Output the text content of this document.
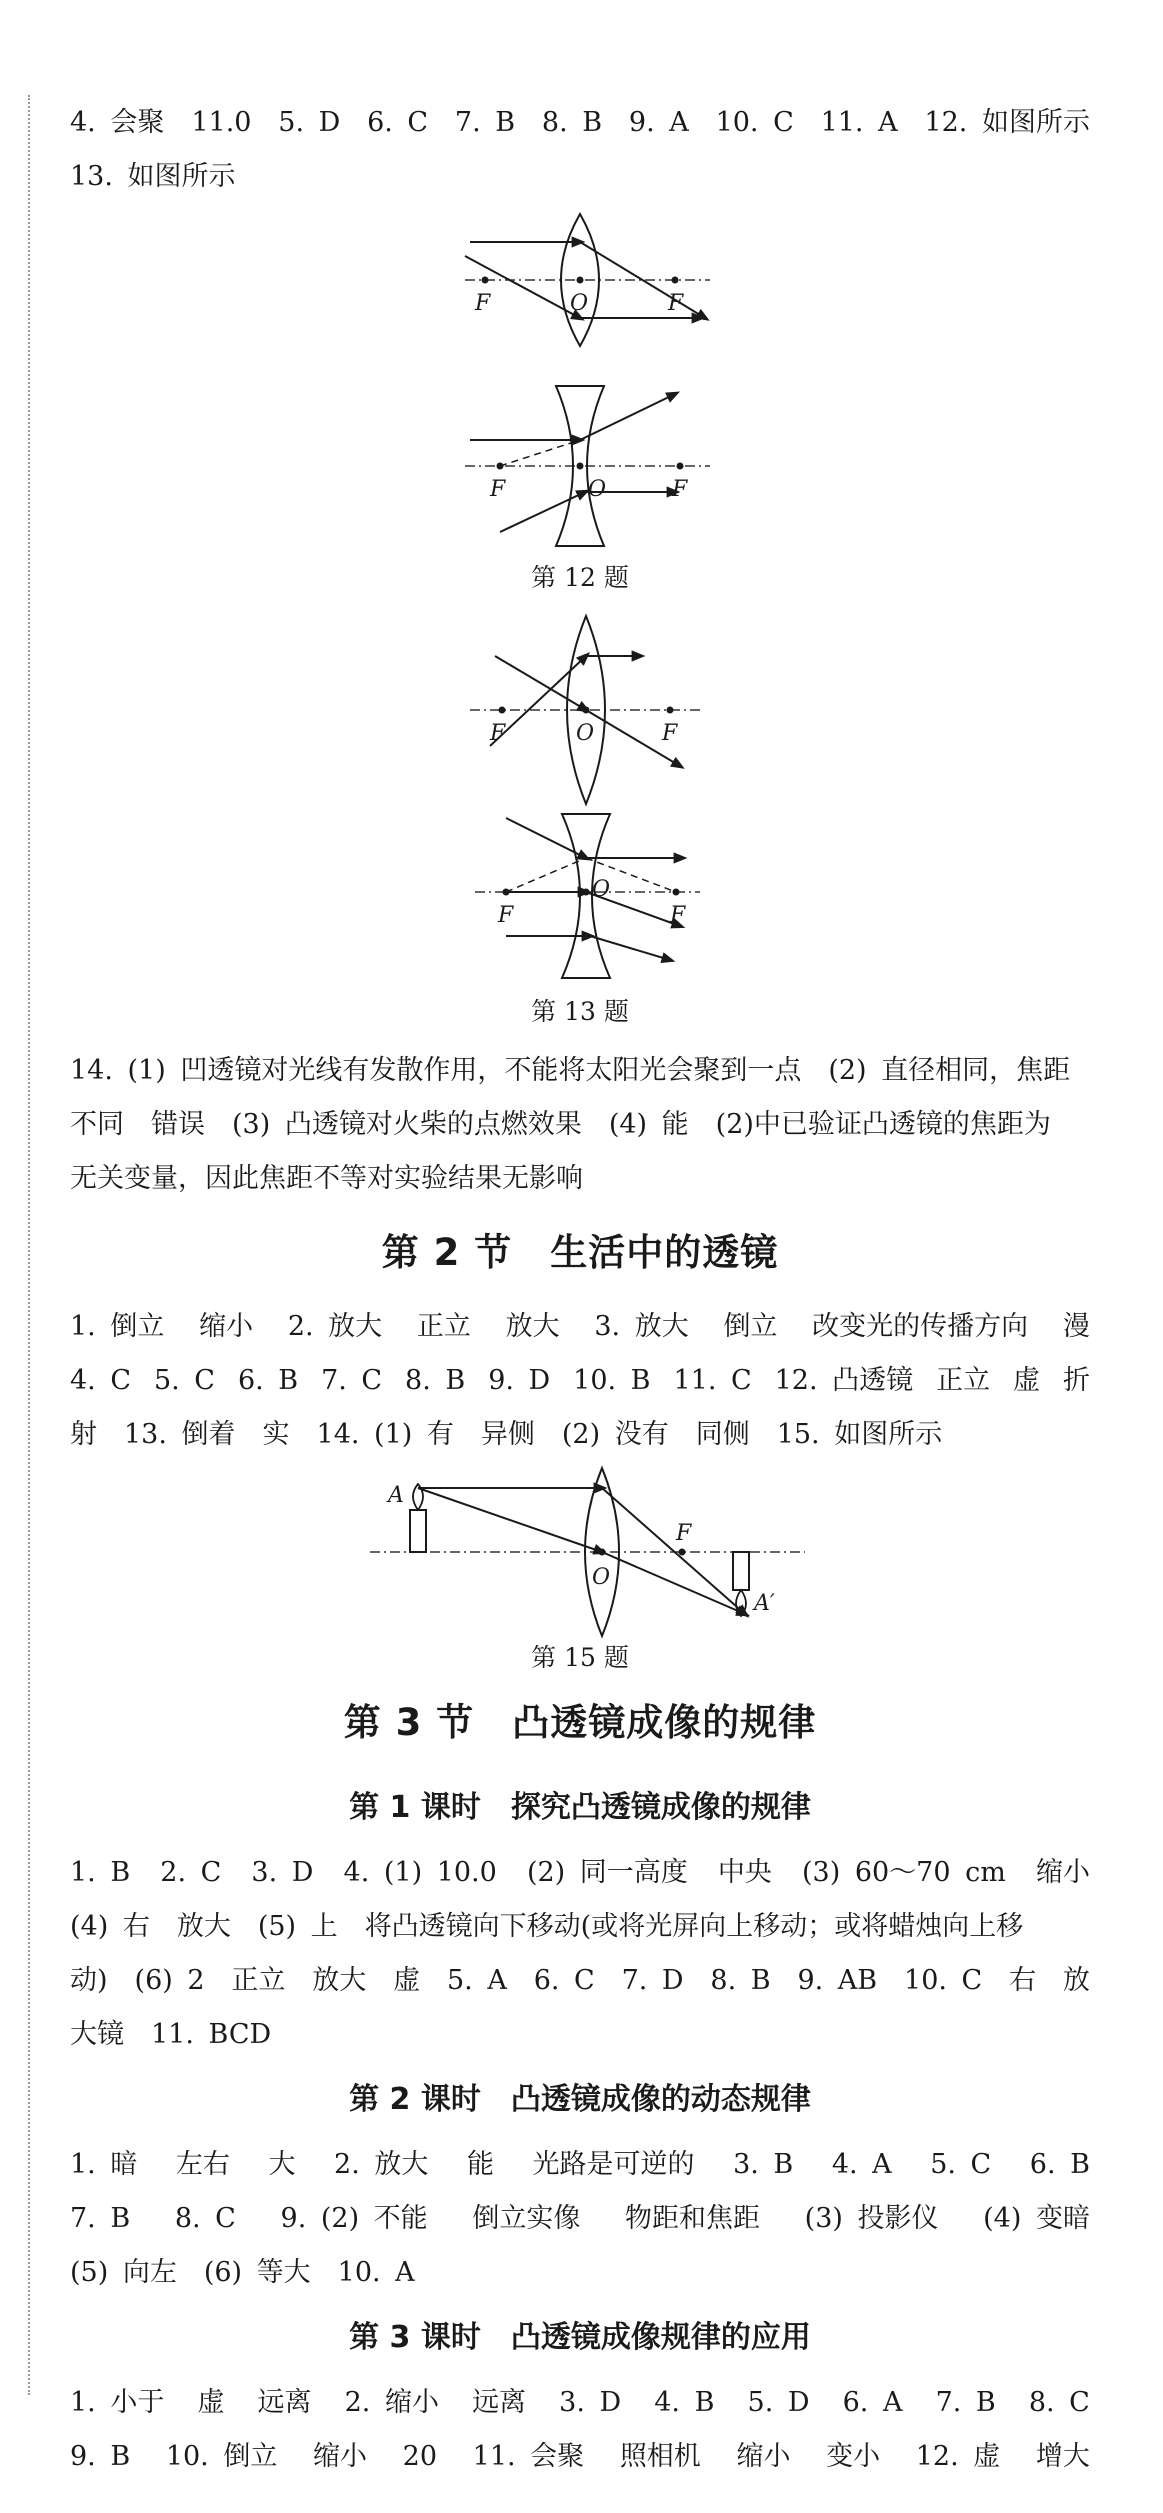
4. 会聚　11.0 5. D 6. C 7. B 8. B 9. A 10. C 11. A 12. 如图所示
13. 如图所示
F	O	F
F	O	F
第 12 题
F	O	F
F
O
F
第 13 题
14. (1) 凹透镜对光线有发散作用，不能将太阳光会聚到一点　(2) 直径相同，焦距
不同　错误　(3) 凸透镜对火柴的点燃效果　(4) 能　(2)中已验证凸透镜的焦距为
无关变量，因此焦距不等对实验结果无影响
第 2 节　生活中的透镜
1. 倒立 缩小 2. 放大 正立 放大 3. 放大 倒立 改变光的传播方向 漫
4. C 5. C 6. B 7. C 8. B 9. D 10. B 11. C 12. 凸透镜 正立 虚 折
射　13. 倒着　实　14. (1) 有　异侧　(2) 没有　同侧　15. 如图所示
A
O
F
A′
第 15 题
第 3 节　凸透镜成像的规律
第 1 课时　探究凸透镜成像的规律
1. B 2. C 3. D 4. (1) 10.0 (2) 同一高度 中央 (3) 60～70 cm 缩小
(4) 右　放大　(5) 上　将凸透镜向下移动(或将光屏向上移动；或将蜡烛向上移
动)　(6) 2 正立 放大 虚 5. A 6. C 7. D 8. B 9. AB 10. C 右 放
大镜　11. BCD
第 2 课时　凸透镜成像的动态规律
1. 暗 左右 大 2. 放大 能 光路是可逆的 3. B 4. A 5. C 6. B
7. B 8. C 9. (2) 不能 倒立实像 物距和焦距 (3) 投影仪 (4) 变暗
(5) 向左　(6) 等大　10. A
第 3 课时　凸透镜成像规律的应用
1. 小于 虚 远离 2. 缩小 远离 3. D 4. B 5. D 6. A 7. B 8. C
9. B 10. 倒立 缩小 20 11. 会聚 照相机 缩小 变小 12. 虚 增大
